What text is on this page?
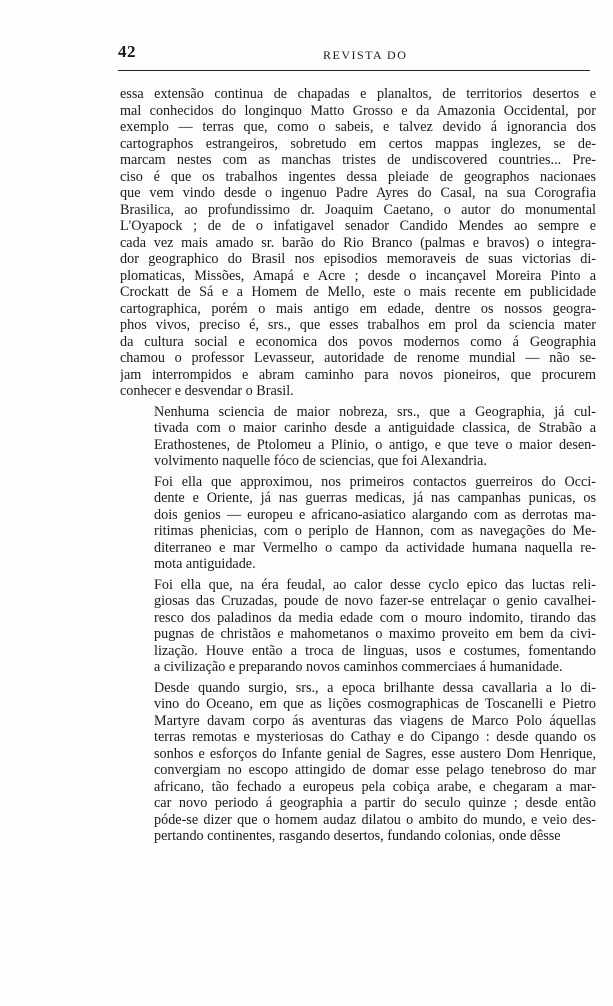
42	REVISTA DO
essa extensão continua de chapadas e planaltos, de territorios desertos e
mal conhecidos do longinquo Matto Grosso e da Amazonia Occidental, por
exemplo — terras que, como o sabeis, e talvez devido á ignorancia dos
cartographos estrangeiros, sobretudo em certos mappas inglezes, se de-
marcam nestes com as manchas tristes de undiscovered countries... Pre-
ciso é que os trabalhos ingentes dessa pleiade de geographos nacionaes
que vem vindo desde o ingenuo Padre Ayres do Casal, na sua Corografia
Brasilica, ao profundissimo dr. Joaquim Caetano, o autor do monumental
L'Oyapock ; de de o infatigavel senador Candido Mendes ao sempre e
cada vez mais amado sr. barão do Rio Branco (palmas e bravos) o integra-
dor geographico do Brasil nos episodios memoraveis de suas victorias di-
plomaticas, Missões, Amapá e Acre ; desde o incançavel Moreira Pinto a
Crockatt de Sá e a Homem de Mello, este o mais recente em publicidade
cartographica, porém o mais antigo em edade, dentre os nossos geogra-
phos vivos, preciso é, srs., que esses trabalhos em prol da sciencia mater
da cultura social e economica dos povos modernos como á Geographia
chamou o professor Levasseur, autoridade de renome mundial — não se-
jam interrompidos e abram caminho para novos pioneiros, que procurem
conhecer e desvendar o Brasil.
Nenhuma sciencia de maior nobreza, srs., que a Geographia, já cul-
tivada com o maior carinho desde a antiguidade classica, de Strabão a
Erathostenes, de Ptolomeu a Plinio, o antigo, e que teve o maior desen-
volvimento naquelle fóco de sciencias, que foi Alexandria.
Foi ella que approximou, nos primeiros contactos guerreiros do Occi-
dente e Oriente, já nas guerras medicas, já nas campanhas punicas, os
dois genios — europeu e africano-asiatico alargando com as derrotas ma-
ritimas phenicias, com o periplo de Hannon, com as navegações do Me-
diterraneo e mar Vermelho o campo da actividade humana naquella re-
mota antiguidade.
Foi ella que, na éra feudal, ao calor desse cyclo epico das luctas reli-
giosas das Cruzadas, poude de novo fazer-se entrelaçar o genio cavalhei-
resco dos paladinos da media edade com o mouro indomito, tirando das
pugnas de christãos e mahometanos o maximo proveito em bem da civi-
lização. Houve então a troca de linguas, usos e costumes, fomentando
a civilização e preparando novos caminhos commerciaes á humanidade.
Desde quando surgio, srs., a epoca brilhante dessa cavallaria a lo di-
vino do Oceano, em que as lições cosmographicas de Toscanelli e Pietro
Martyre davam corpo ás aventuras das viagens de Marco Polo áquellas
terras remotas e mysteriosas do Cathay e do Cipango : desde quando os
sonhos e esforços do Infante genial de Sagres, esse austero Dom Henrique,
convergiam no escopo attingido de domar esse pelago tenebroso do mar
africano, tão fechado a europeus pela cobiça arabe, e chegaram a mar-
car novo periodo á geographia a partir do seculo quinze ; desde então
póde-se dizer que o homem audaz dilatou o ambito do mundo, e veio des-
pertando continentes, rasgando desertos, fundando colonias, onde dêsse
